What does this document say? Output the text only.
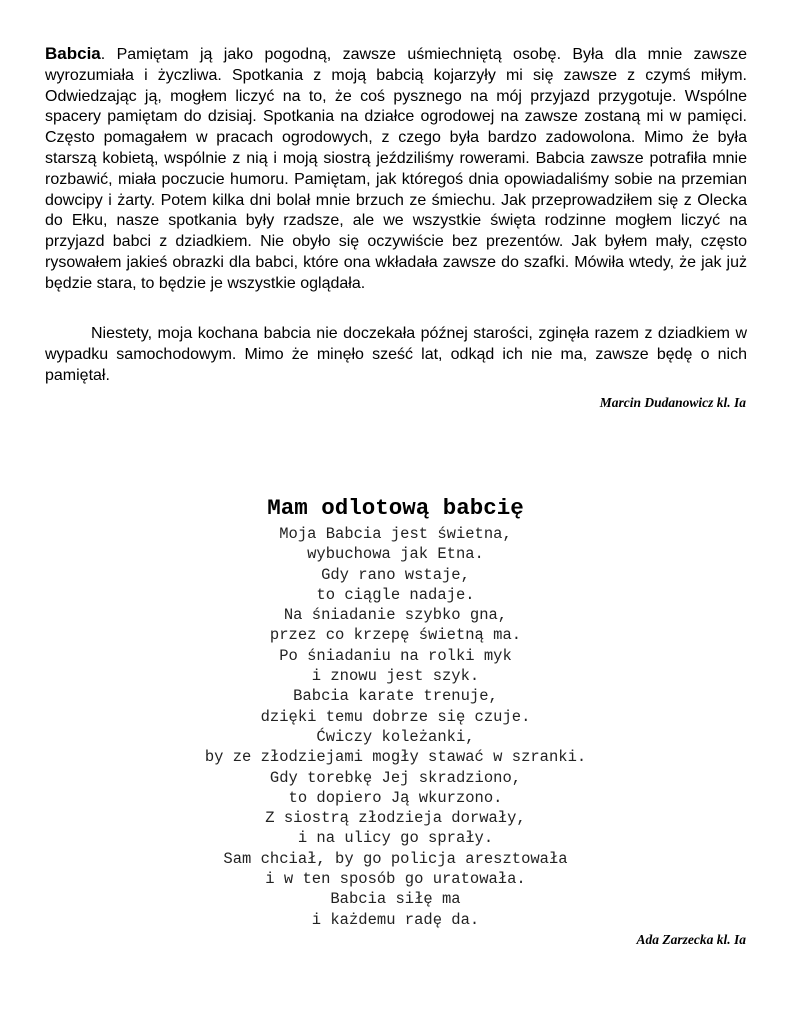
Babcia. Pamiętam ją jako pogodną, zawsze uśmiechniętą osobę. Była dla mnie zawsze wyrozumiała i życzliwa. Spotkania z moją babcią kojarzyły mi się zawsze z czymś miłym. Odwiedzając ją, mogłem liczyć na to, że coś pysznego na mój przyjazd przygotuje. Wspólne spacery pamiętam do dzisiaj. Spotkania na działce ogrodowej na zawsze zostaną mi w pamięci. Często pomagałem w pracach ogrodowych, z czego była bardzo zadowolona. Mimo że była starszą kobietą, wspólnie z nią i moją siostrą jeździliśmy rowerami. Babcia zawsze potrafiła mnie rozbawić, miała poczucie humoru. Pamiętam, jak któregoś dnia opowiadaliśmy sobie na przemian dowcipy i żarty. Potem kilka dni bolał mnie brzuch ze śmiechu. Jak przeprowadziłem się z Olecka do Ełku, nasze spotkania były rzadsze, ale we wszystkie święta rodzinne mogłem liczyć na przyjazd babci z dziadkiem. Nie obyło się oczywiście bez prezentów. Jak byłem mały, często rysowałem jakieś obrazki dla babci, które ona wkładała zawsze do szafki. Mówiła wtedy, że jak już będzie stara, to będzie je wszystkie oglądała.

Niestety, moja kochana babcia nie doczekała późnej starości, zginęła razem z dziadkiem w wypadku samochodowym. Mimo że minęło sześć lat, odkąd ich nie ma, zawsze będę o nich pamiętał.

Marcin Dudanowicz kl. Ia
Mam odlotową babcię
Moja Babcia jest świetna,
wybuchowa jak Etna.
Gdy rano wstaje,
to ciągle nadaje.
Na śniadanie szybko gna,
przez co krzepę świetną ma.
Po śniadaniu na rolki myk
i znowu jest szyk.
Babcia karate trenuje,
dzięki temu dobrze się czuje.
Ćwiczy koleżanki,
by ze złodziejami mogły stawać w szranki.
Gdy torebkę Jej skradziono,
to dopiero Ją wkurzono.
Z siostrą złodzieja dorwały,
i na ulicy go sprały.
Sam chciał, by go policja aresztowała
i w ten sposób go uratowała.
Babcia siłę ma
i każdemu radę da.
Ada Zarzecka kl. Ia
